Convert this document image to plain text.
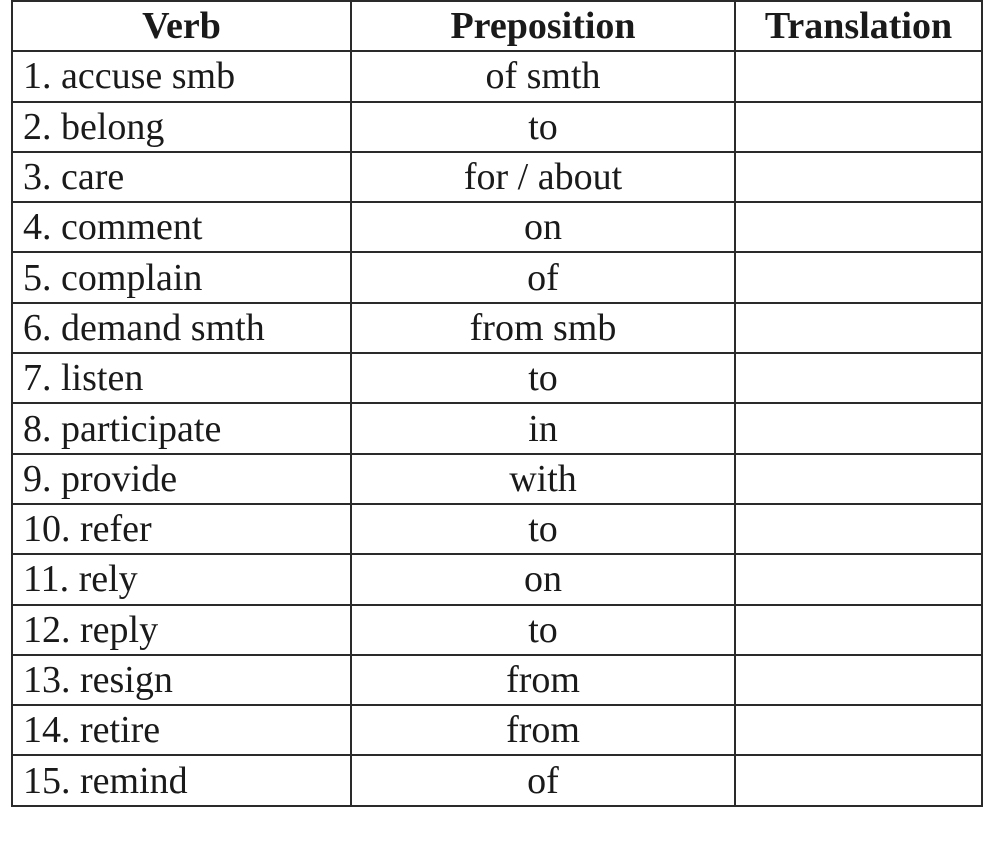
Verb	Preposition	Translation
1. accuse smb	of smth	
2. belong	to	
3. care	for / about	
4. comment	on	
5. complain	of	
6. demand smth	from smb	
7. listen	to	
8. participate	in	
9. provide	with	
10. refer	to	
11. rely	on	
12. reply	to	
13. resign	from	
14. retire	from	
15. remind	of	
